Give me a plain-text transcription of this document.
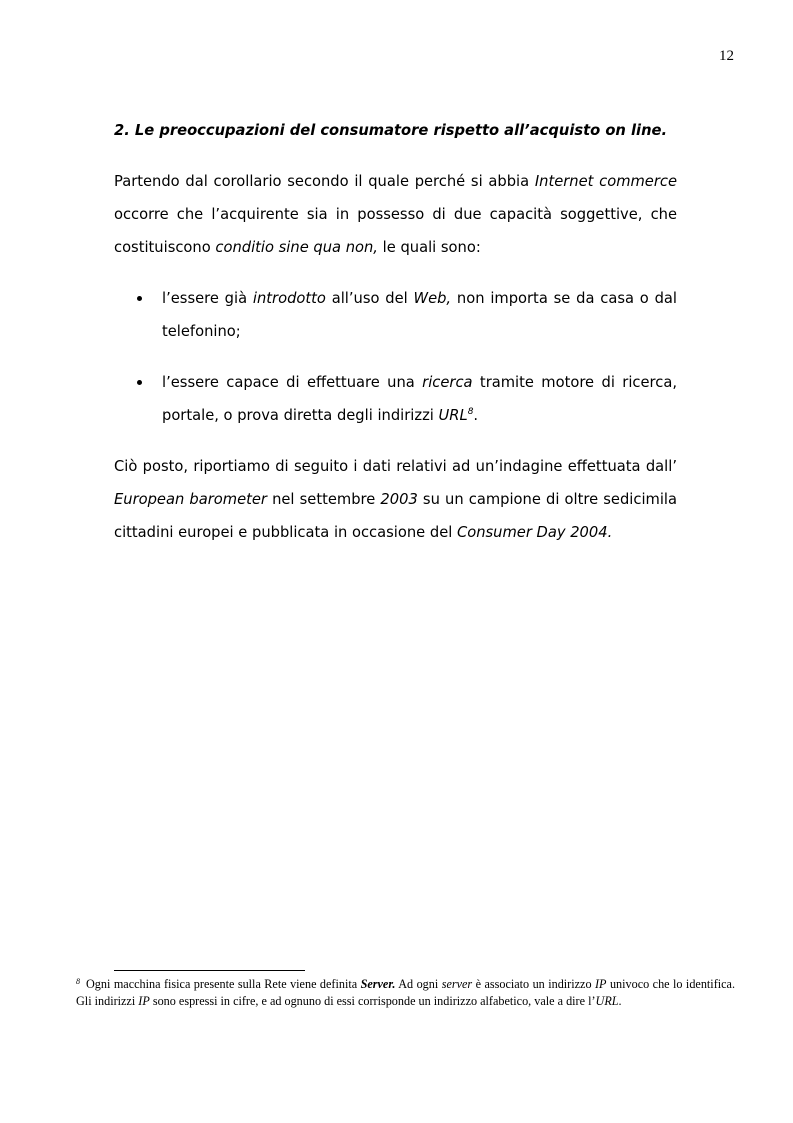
12
2. Le preoccupazioni del consumatore rispetto all’acquisto on line.

Partendo dal corollario secondo il quale perché si abbia Internet commerce occorre che l’acquirente sia in possesso di due capacità soggettive, che costituiscono conditio sine qua non, le quali sono:

l’essere già introdotto all’uso del Web, non importa se da casa o dal telefonino;
l’essere capace di effettuare una ricerca tramite motore di ricerca, portale, o prova diretta degli indirizzi URL$^8$.

Ciò posto, riportiamo di seguito i dati relativi ad un’indagine effettuata dall’ European barometer nel settembre 2003 su un campione di oltre sedicimila cittadini europei e pubblicata in occasione del Consumer Day 2004.

$^8$ Ogni macchina fisica presente sulla Rete viene definita Server. Ad ogni server è associato un indirizzo IP univoco che lo identifica. Gli indirizzi IP sono espressi in cifre, e ad ognuno di essi corrisponde un indirizzo alfabetico, vale a dire l’URL.
